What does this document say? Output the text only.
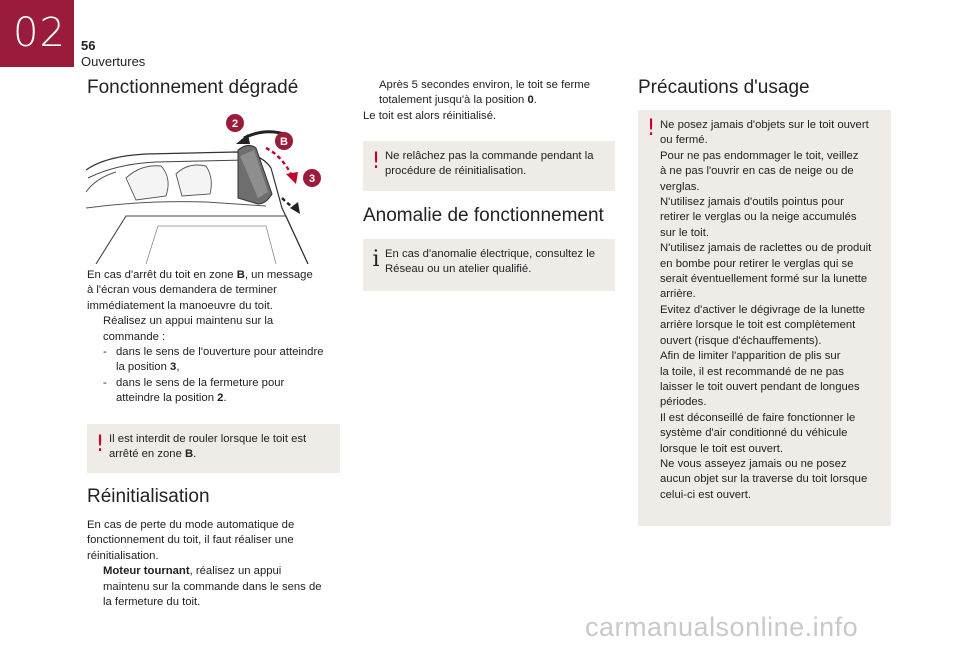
02 56
Ouvertures
Fonctionnement dégradé
2
B
3

En cas d'arrêt du toit en zone B, un message

à l'écran vous demandera de terminer

immédiatement la manoeuvre du toit.

Réalisez un appui maintenu sur la

commande :

- dans le sens de l'ouverture pour atteindre

la position 3,

- dans le sens de la fermeture pour

atteindre la position 2.

! Il est interdit de rouler lorsque le toit est

arrêté en zone B.

Réinitialisation

En cas de perte du mode automatique de

fonctionnement du toit, il faut réaliser une

réinitialisation.

Moteur tournant, réalisez un appui

maintenu sur la commande dans le sens de

la fermeture du toit.

Après 5 secondes environ, le toit se ferme

totalement jusqu'à la position 0.

Le toit est alors réinitialisé.

! Ne relâchez pas la commande pendant la

procédure de réinitialisation.

Anomalie de fonctionnement
i En cas d'anomalie électrique, consultez le

Réseau ou un atelier qualifié.

Précautions d'usage
! Ne posez jamais d'objets sur le toit ouvert

ou fermé.

Pour ne pas endommager le toit, veillez

à ne pas l'ouvrir en cas de neige ou de

verglas.

N'utilisez jamais d'outils pointus pour

retirer le verglas ou la neige accumulés

sur le toit.

N'utilisez jamais de raclettes ou de produit

en bombe pour retirer le verglas qui se

serait éventuellement formé sur la lunette

arrière.

Evitez d'activer le dégivrage de la lunette

arrière lorsque le toit est complètement

ouvert (risque d'échauffements).

Afin de limiter l'apparition de plis sur

la toile, il est recommandé de ne pas

laisser le toit ouvert pendant de longues

périodes.

Il est déconseillé de faire fonctionner le

système d'air conditionné du véhicule

lorsque le toit est ouvert.

Ne vous asseyez jamais ou ne posez

aucun objet sur la traverse du toit lorsque

celui-ci est ouvert.

carmanualsonline.info
